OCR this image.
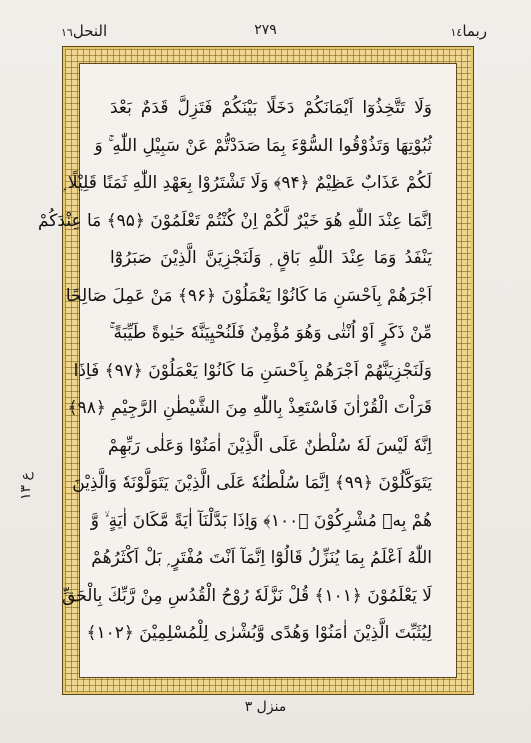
ربما١٤
٢٧٩
النحل١٦
وَلَا تَتَّخِذُوٓا اَيْمَانَكُمْ دَخَلًا بَيْنَكُمْ فَتَزِلَّ قَدَمٌ بَعْدَ
ثُبُوْتِهَا وَتَذُوْقُوا السُّوْٓءَ بِمَا صَدَدْتُّمْ عَنْ سَبِيْلِ اللّٰهِ ۚ وَ
لَكُمْ عَذَابٌ عَظِيْمٌ ﴿۹۴﴾ وَلَا تَشْتَرُوْا بِعَهْدِ اللّٰهِ ثَمَنًا قَلِيْلًا ۭ
اِنَّمَا عِنْدَ اللّٰهِ هُوَ خَيْرٌ لَّكُمْ اِنْ كُنْتُمْ تَعْلَمُوْنَ ﴿۹۵﴾ مَا عِنْدَكُمْ
يَنْفَدُ وَمَا عِنْدَ اللّٰهِ بَاقٍ ۭ وَلَنَجْزِيَنَّ الَّذِيْنَ صَبَرُوْٓا
اَجْرَهُمْ بِاَحْسَنِ مَا كَانُوْا يَعْمَلُوْنَ ﴿۹۶﴾ مَنْ عَمِلَ صَالِحًا
مِّنْ ذَكَرٍ اَوْ اُنْثٰى وَهُوَ مُؤْمِنٌ فَلَنُحْيِيَنَّهٗ حَيٰوةً طَيِّبَةً ۚ
وَلَنَجْزِيَنَّهُمْ اَجْرَهُمْ بِاَحْسَنِ مَا كَانُوْا يَعْمَلُوْنَ ﴿۹۷﴾ فَاِذَا
قَرَاْتَ الْقُرْاٰنَ فَاسْتَعِذْ بِاللّٰهِ مِنَ الشَّيْطٰنِ الرَّجِيْمِ ﴿۹۸﴾
اِنَّهٗ لَيْسَ لَهٗ سُلْطٰنٌ عَلَى الَّذِيْنَ اٰمَنُوْا وَعَلٰى رَبِّهِمْ
يَتَوَكَّلُوْنَ ﴿۹۹﴾ اِنَّمَا سُلْطٰنُهٗ عَلَى الَّذِيْنَ يَتَوَلَّوْنَهٗ وَالَّذِيْنَ
هُمْ بِهٖ مُشْرِكُوْنَ ﴿۱۰۰﴾ وَاِذَا بَدَّلْنَآ اٰيَةً مَّكَانَ اٰيَةٍ ۙ وَّ
اللّٰهُ اَعْلَمُ بِمَا يُنَزِّلُ قَالُوْٓا اِنَّمَآ اَنْتَ مُفْتَرٍ ۭ بَلْ اَكْثَرُهُمْ
لَا يَعْلَمُوْنَ ﴿۱۰۱﴾ قُلْ نَزَّلَهٗ رُوْحُ الْقُدُسِ مِنْ رَّبِّكَ بِالْحَقِّ
لِيُثَبِّتَ الَّذِيْنَ اٰمَنُوْا وَهُدًى وَّبُشْرٰى لِلْمُسْلِمِيْنَ ﴿۱۰۲﴾
ع ١٣
منزل ٣
